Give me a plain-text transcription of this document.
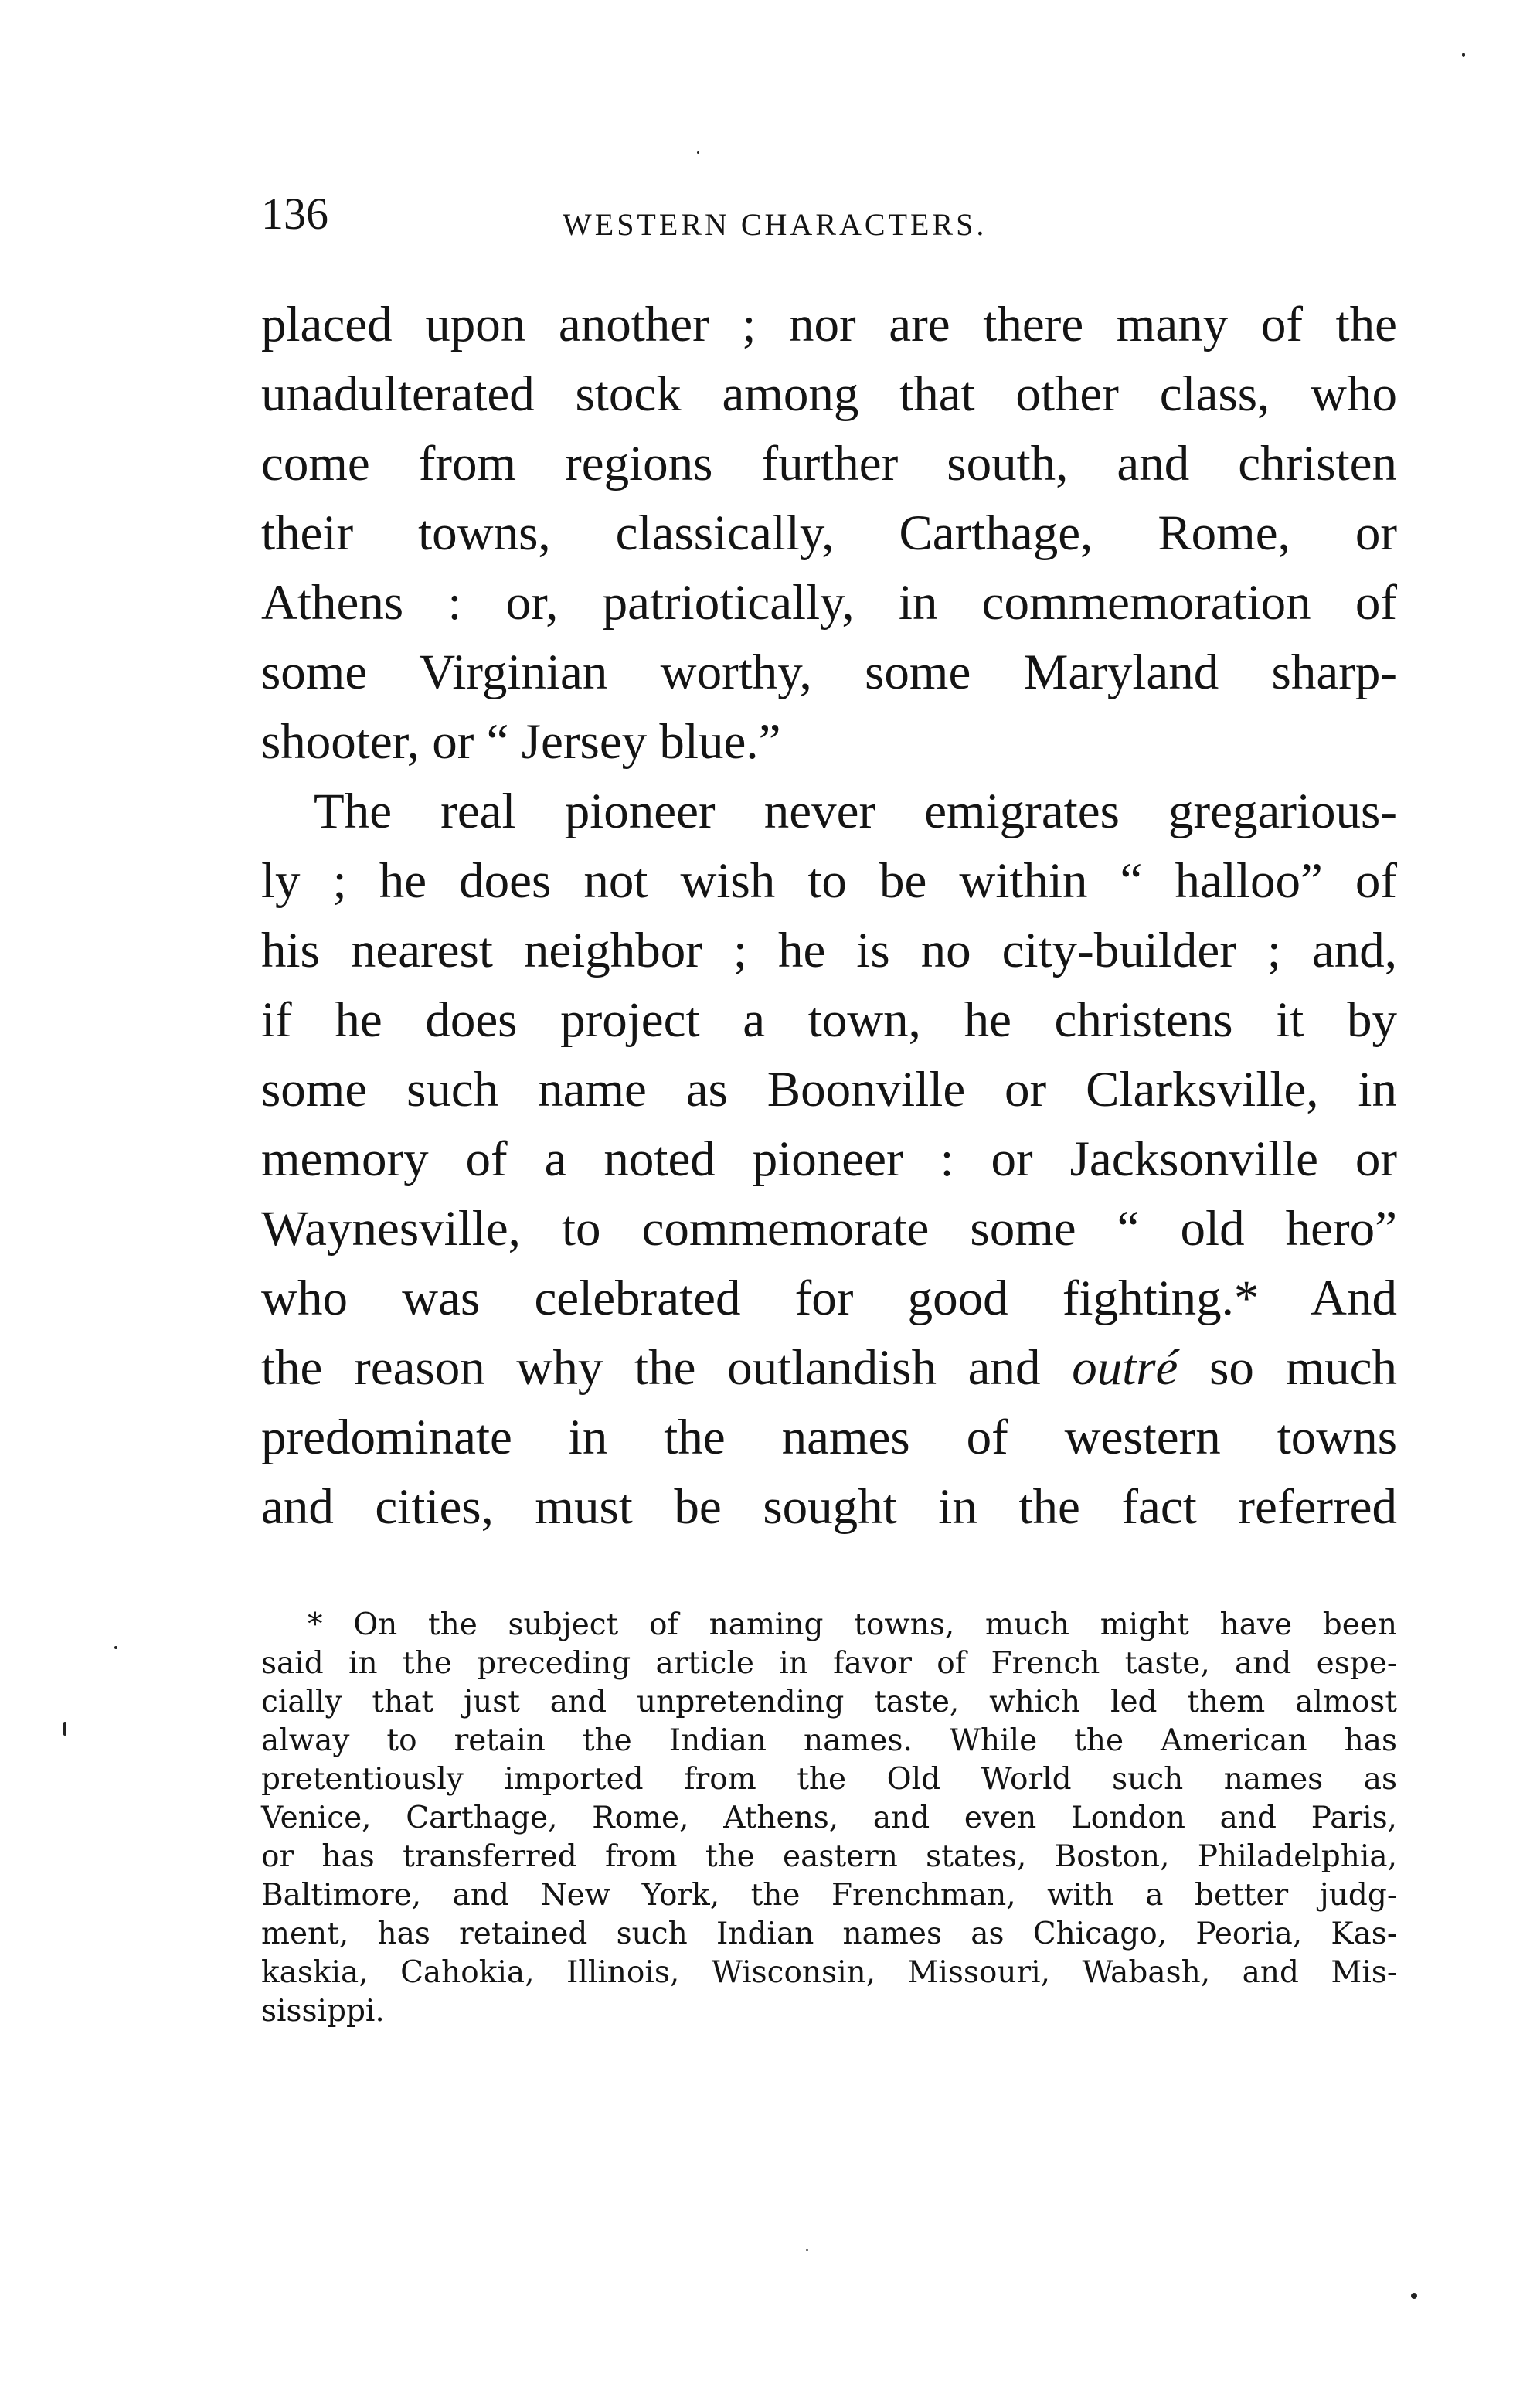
136	WESTERN CHARACTERS.
placed upon another ; nor are there many of the
unadulterated stock among that other class, who
come from regions further south, and christen
their towns, classically, Carthage, Rome, or
Athens : or, patriotically, in commemoration of
some Virginian worthy, some Maryland sharp-
shooter, or “ Jersey blue.”
The real pioneer never emigrates gregarious-
ly ; he does not wish to be within “ halloo” of
his nearest neighbor ; he is no city-builder ; and,
if he does project a town, he christens it by
some such name as Boonville or Clarksville, in
memory of a noted pioneer : or Jacksonville or
Waynesville, to commemorate some “ old hero”
who was celebrated for good fighting.* And
the reason why the outlandish and outré so much
predominate in the names of western towns
and cities, must be sought in the fact referred
* On the subject of naming towns, much might have been
said in the preceding article in favor of French taste, and espe-
cially that just and unpretending taste, which led them almost
alway to retain the Indian names. While the American has
pretentiously imported from the Old World such names as
Venice, Carthage, Rome, Athens, and even London and Paris,
or has transferred from the eastern states, Boston, Philadelphia,
Baltimore, and New York, the Frenchman, with a better judg-
ment, has retained such Indian names as Chicago, Peoria, Kas-
kaskia, Cahokia, Illinois, Wisconsin, Missouri, Wabash, and Mis-
sissippi.
